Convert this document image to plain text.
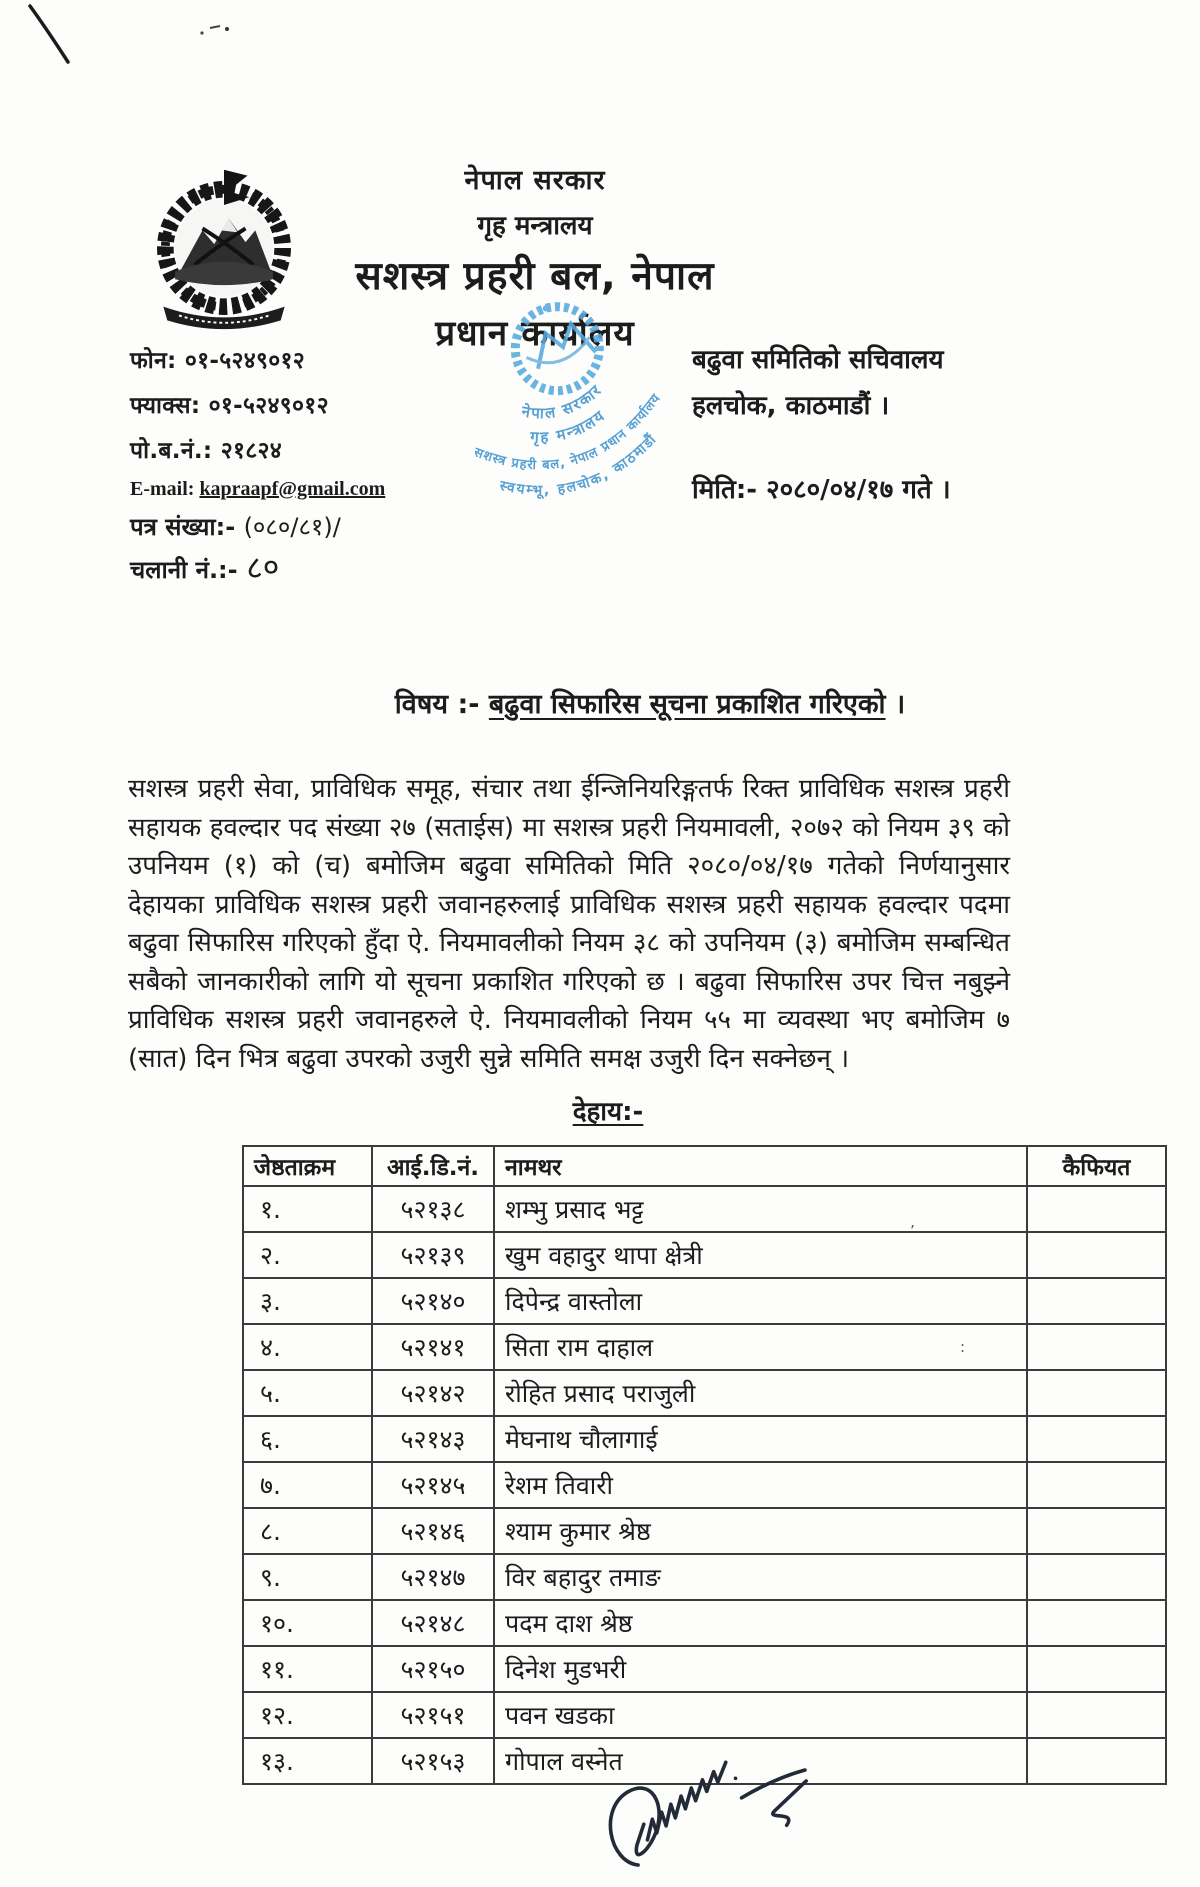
नेपाल सरकार
गृह मन्त्रालय
सशस्त्र प्रहरी बल, नेपाल
प्रधान कार्यालय
नेपाल सरकार
गृह मन्त्रालय
सशस्त्र प्रहरी बल, नेपाल प्रधान कार्यालय
स्वयम्भू, हलचोक, काठमाडौं
फोन: ०१-५२४९०१२
फ्याक्स: ०१-५२४९०१२
पो.ब.नं.: २१८२४
E-mail: kapraapf@gmail.com
पत्र संख्या:- (०८०/८१)/
चलानी नं.:- ८०
बढुवा समितिको सचिवालय
हलचोक, काठमाडौं ।
मिति:- २०८०/०४/१७ गते ।
विषय :- बढुवा सिफारिस सूचना प्रकाशित गरिएको ।
सशस्त्र प्रहरी सेवा, प्राविधिक समूह, संचार तथा ईन्जिनियरिङ्गतर्फ रिक्त प्राविधिक सशस्त्र प्रहरी सहायक हवल्दार पद संख्या २७ (सताईस) मा सशस्त्र प्रहरी नियमावली, २०७२ को नियम ३९ को उपनियम (१) को (च) बमोजिम बढुवा समितिको मिति २०८०/०४/१७ गतेको निर्णयानुसार देहायका प्राविधिक सशस्त्र प्रहरी जवानहरुलाई प्राविधिक सशस्त्र प्रहरी सहायक हवल्दार पदमा बढुवा सिफारिस गरिएको हुँदा ऐ. नियमावलीको नियम ३८ को उपनियम (३) बमोजिम सम्बन्धित सबैको जानकारीको लागि यो सूचना प्रकाशित गरिएको छ । बढुवा सिफारिस उपर चित्त नबुझ्ने प्राविधिक सशस्त्र प्रहरी जवानहरुले ऐ. नियमावलीको नियम ५५ मा व्यवस्था भए बमोजिम ७ (सात) दिन भित्र बढुवा उपरको उजुरी सुन्ने समिति समक्ष उजुरी दिन सक्नेछन् ।
देहाय:-
जेष्ठताक्रम	आई.डि.नं.	नामथर	कैफियत
१.	५२१३८	शम्भु प्रसाद भट्ट	
२.	५२१३९	खुम वहादुर थापा क्षेत्री	
३.	५२१४०	दिपेन्द्र वास्तोला	
४.	५२१४१	सिता राम दाहाल	
५.	५२१४२	रोहित प्रसाद पराजुली	
६.	५२१४३	मेघनाथ चौलागाई	
७.	५२१४५	रेशम तिवारी	
८.	५२१४६	श्याम कुमार श्रेष्ठ	
९.	५२१४७	विर बहादुर तमाङ	
१०.	५२१४८	पदम दाश श्रेष्ठ	
११.	५२१५०	दिनेश मुडभरी	
१२.	५२१५१	पवन खडका	
१३.	५२१५३	गोपाल वस्नेत	
’
:
